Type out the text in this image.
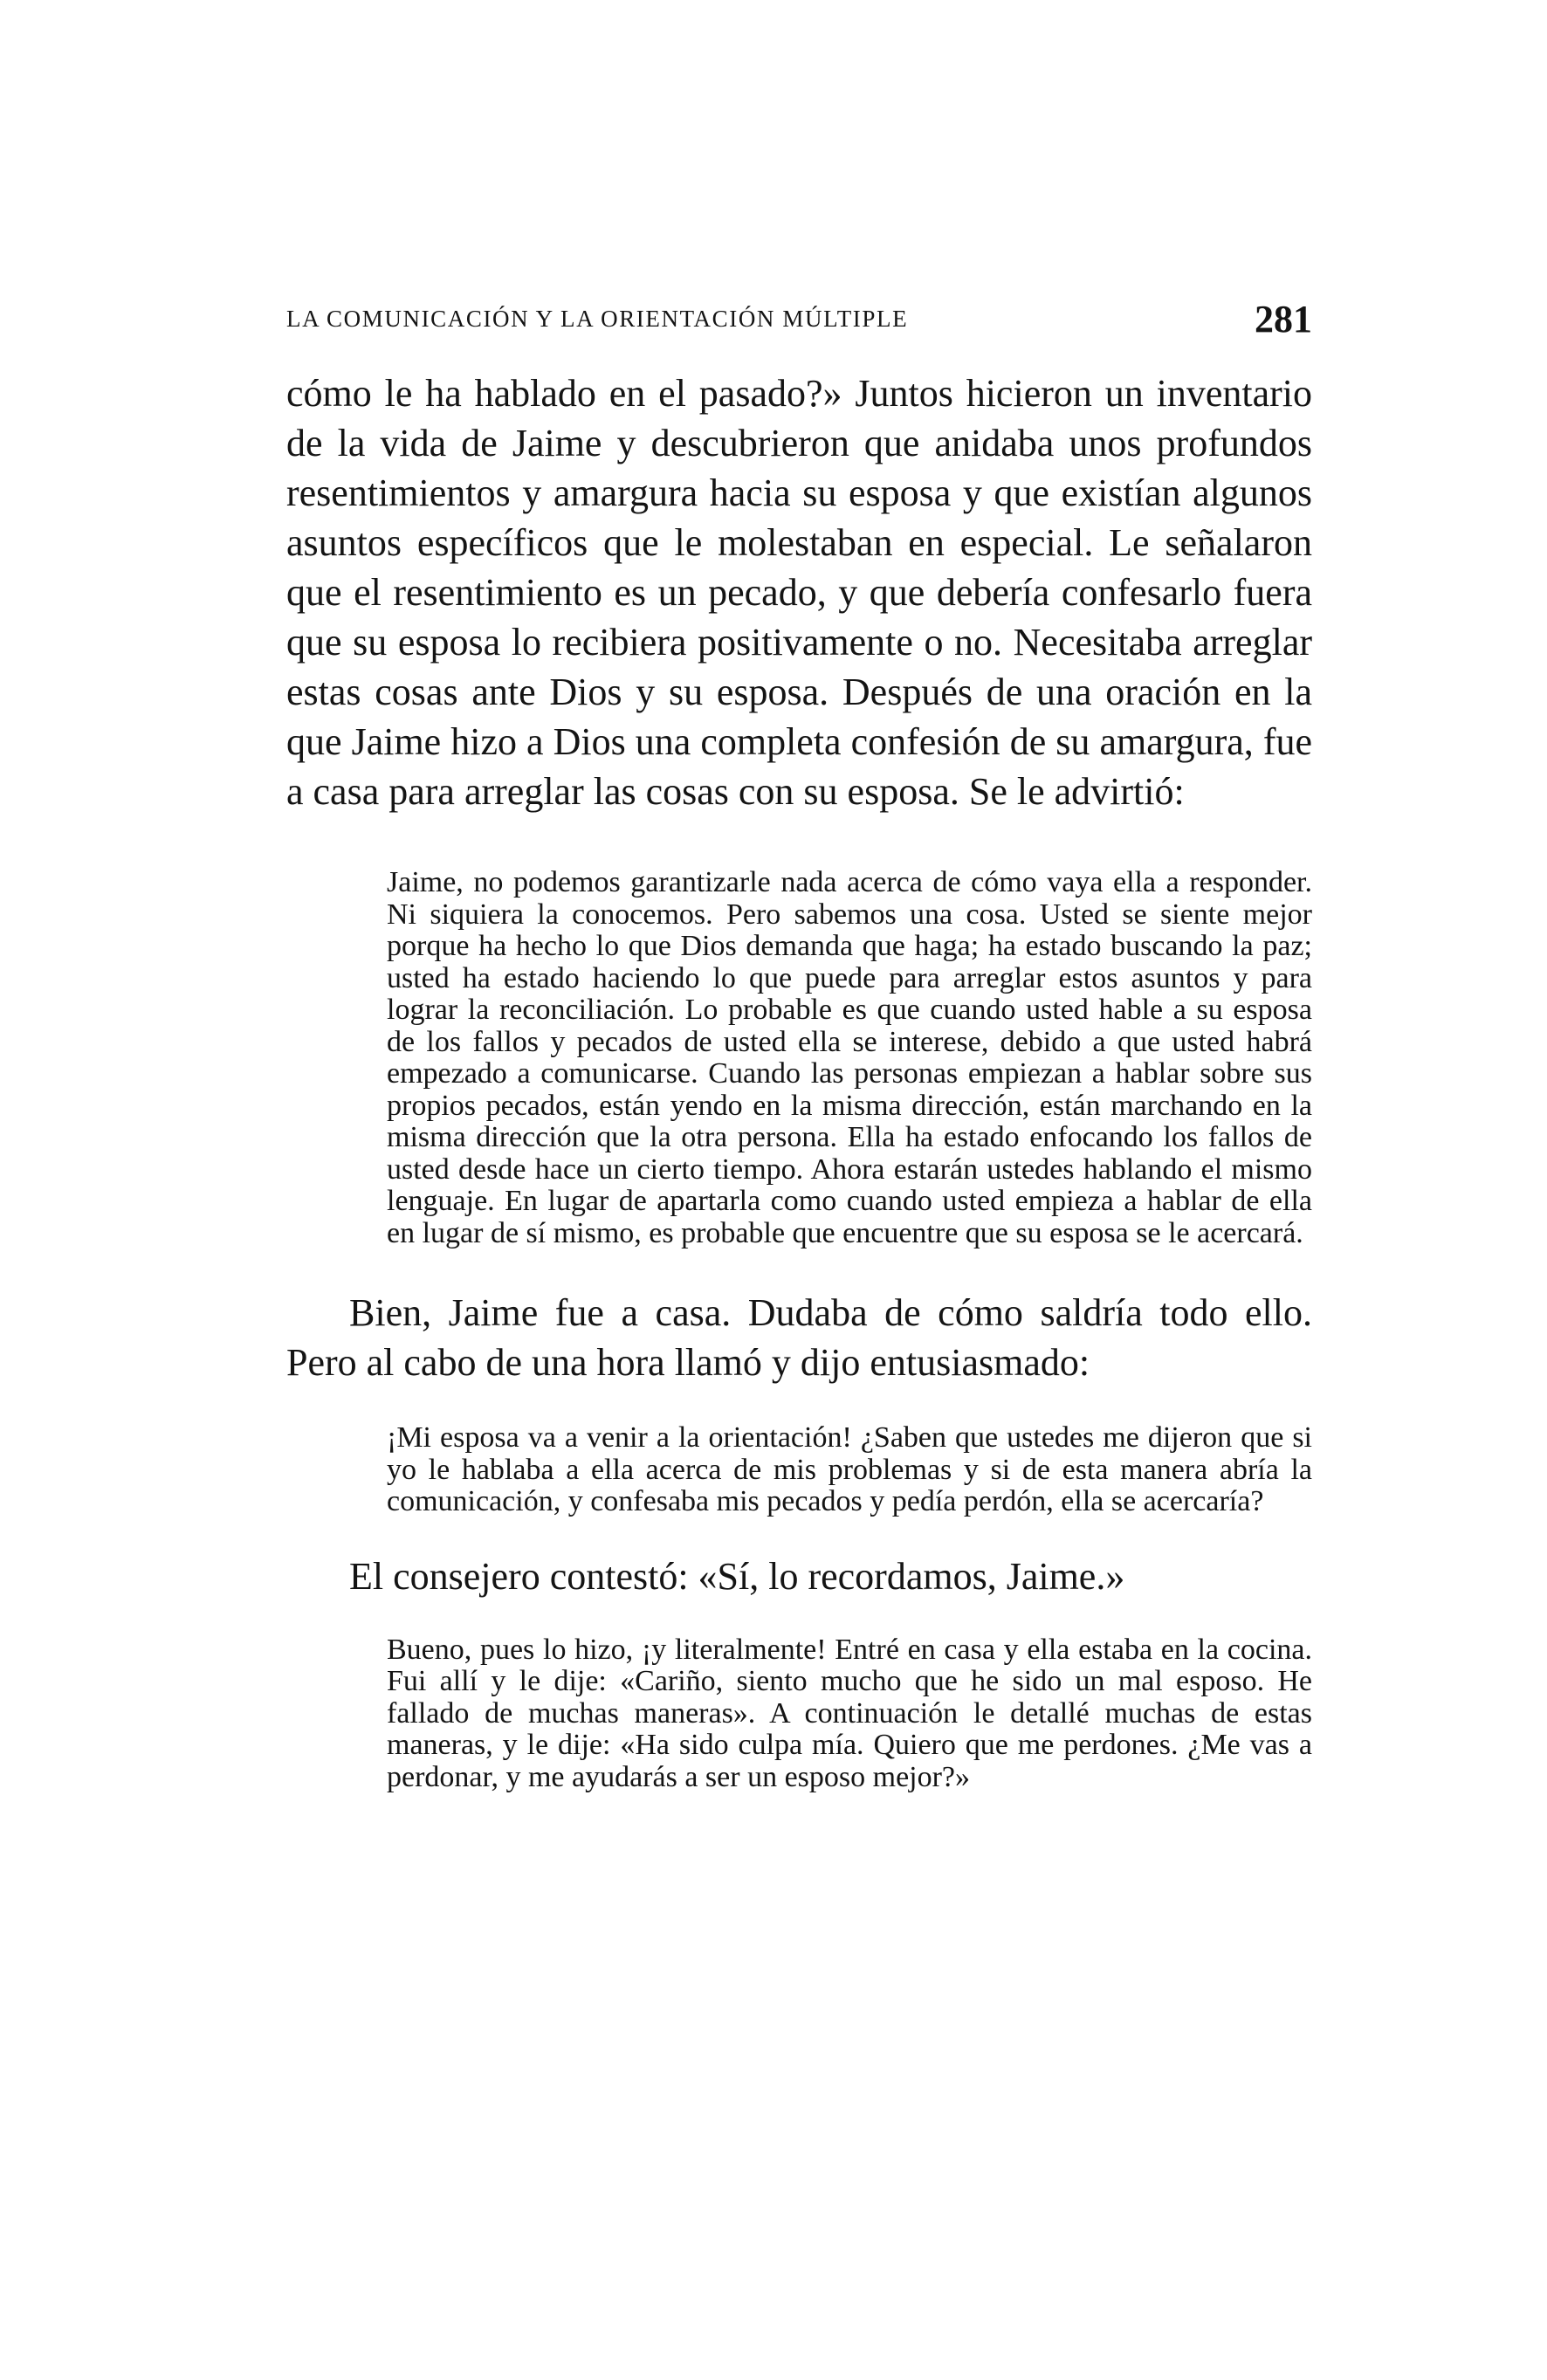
LA COMUNICACIÓN Y LA ORIENTACIÓN MÚLTIPLE	281

cómo le ha hablado en el pasado?» Juntos hicieron un inventario de la vida de Jaime y descubrieron que anidaba unos profundos resentimientos y amargura hacia su esposa y que existían algunos asuntos específicos que le molestaban en especial. Le señalaron que el resentimiento es un pecado, y que debería confesarlo fuera que su esposa lo recibiera positivamente o no. Necesitaba arreglar estas cosas ante Dios y su esposa. Después de una oración en la que Jaime hizo a Dios una completa confesión de su amargura, fue a casa para arreglar las cosas con su esposa. Se le advirtió:

Jaime, no podemos garantizarle nada acerca de cómo vaya ella a responder. Ni siquiera la conocemos. Pero sabemos una cosa. Usted se siente mejor porque ha hecho lo que Dios demanda que haga; ha estado buscando la paz; usted ha estado haciendo lo que puede para arreglar estos asuntos y para lograr la reconciliación. Lo probable es que cuando usted hable a su esposa de los fallos y pecados de usted ella se interese, debido a que usted habrá empezado a comunicarse. Cuando las personas empiezan a hablar sobre sus propios pecados, están yendo en la misma dirección, están marchando en la misma dirección que la otra persona. Ella ha estado enfocando los fallos de usted desde hace un cierto tiempo. Ahora estarán ustedes hablando el mismo lenguaje. En lugar de apartarla como cuando usted empieza a hablar de ella en lugar de sí mismo, es probable que encuentre que su esposa se le acercará.

Bien, Jaime fue a casa. Dudaba de cómo saldría todo ello. Pero al cabo de una hora llamó y dijo entusiasmado:

¡Mi esposa va a venir a la orientación! ¿Saben que ustedes me dijeron que si yo le hablaba a ella acerca de mis problemas y si de esta manera abría la comunicación, y confesaba mis pecados y pedía perdón, ella se acercaría?

El consejero contestó: «Sí, lo recordamos, Jaime.»

Bueno, pues lo hizo, ¡y literalmente! Entré en casa y ella estaba en la cocina. Fui allí y le dije: «Cariño, siento mucho que he sido un mal esposo. He fallado de muchas maneras». A continuación le detallé muchas de estas maneras, y le dije: «Ha sido culpa mía. Quiero que me perdones. ¿Me vas a perdonar, y me ayudarás a ser un esposo mejor?»
